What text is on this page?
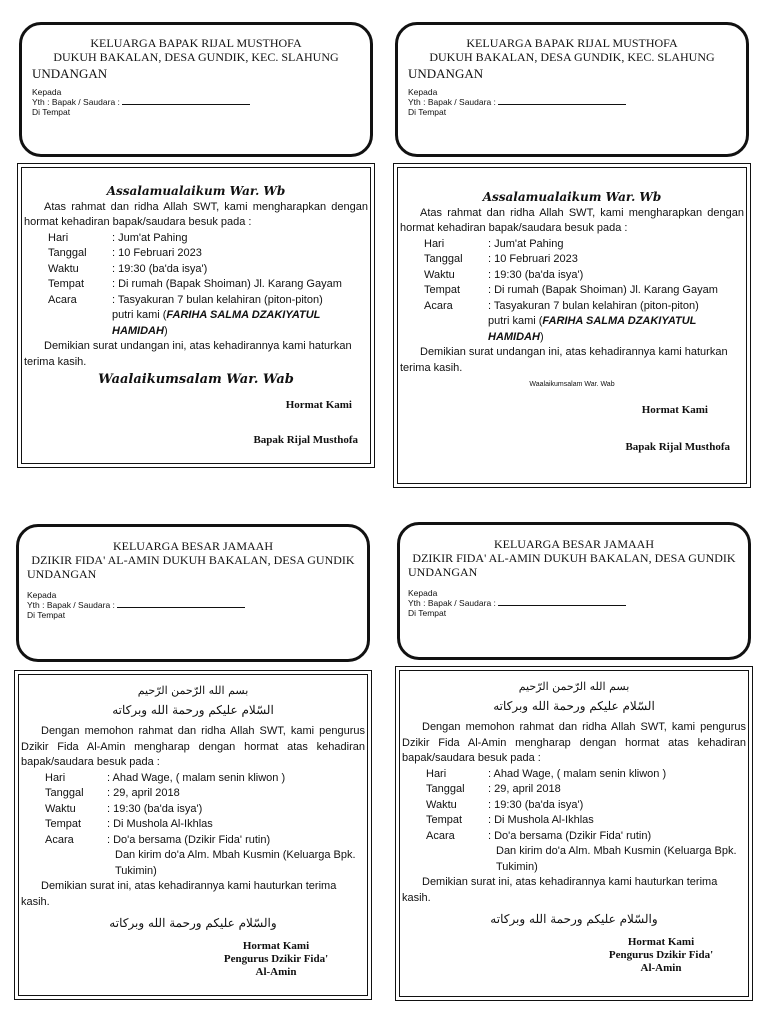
KELUARGA BAPAK RIJAL MUSTHOFA
DUKUH BAKALAN, DESA GUNDIK, KEC. SLAHUNG
UNDANGAN
Kepada
Yth : Bapak / Saudara :
Di Tempat
Assalamualaikum War. Wb

Atas rahmat dan ridha Allah SWT, kami mengharapkan dengan hormat kehadiran bapak/saudara besuk pada :

Hari	: Jum'at Pahing
Tanggal	: 10 Februari 2023
Waktu	: 19:30 (ba'da isya')
Tempat	: Di rumah (Bapak Shoiman) Jl. Karang Gayam
Acara	: Tasyakuran 7 bulan kelahiran (piton-piton)
putri kami (FARIHA SALMA DZAKIYATUL HAMIDAH)

Demikian surat undangan ini, atas kehadirannya kami haturkan terima kasih.

Waalaikumsalam War. Wab
Hormat Kami
Bapak Rijal Musthofa
KELUARGA BAPAK RIJAL MUSTHOFA
DUKUH BAKALAN, DESA GUNDIK, KEC. SLAHUNG
UNDANGAN
Kepada
Yth : Bapak / Saudara :
Di Tempat
Assalamualaikum War. Wb

Atas rahmat dan ridha Allah SWT, kami mengharapkan dengan hormat kehadiran bapak/saudara besuk pada :

Hari	: Jum'at Pahing
Tanggal	: 10 Februari 2023
Waktu	: 19:30 (ba'da isya')
Tempat	: Di rumah (Bapak Shoiman) Jl. Karang Gayam
Acara	: Tasyakuran 7 bulan kelahiran (piton-piton)
putri kami (FARIHA SALMA DZAKIYATUL HAMIDAH)

Demikian surat undangan ini, atas kehadirannya kami haturkan terima kasih.

Waalaikumsalam War. Wab
Hormat Kami
Bapak Rijal Musthofa
KELUARGA BESAR JAMAAH
DZIKIR FIDA' AL-AMIN DUKUH BAKALAN, DESA GUNDIK
UNDANGAN
Kepada
Yth : Bapak / Saudara :
Di Tempat
بسم الله الرّحمن الرّحيم
السّلام عليكم ورحمة الله وبركاته

Dengan memohon rahmat dan ridha Allah SWT, kami pengurus Dzikir Fida Al-Amin mengharap dengan hormat atas kehadiran bapak/saudara besuk pada :

Hari	: Ahad Wage, ( malam senin kliwon )
Tanggal	: 29, april 2018
Waktu	: 19:30 (ba'da isya')
Tempat	: Di Mushola Al-Ikhlas
Acara	: Do'a bersama (Dzikir Fida' rutin)
Dan kirim do'a Alm. Mbah Kusmin (Keluarga Bpk. Tukimin)

Demikian surat ini, atas kehadirannya kami hauturkan terima kasih.

والسّلام عليكم ورحمة الله وبركاته
Hormat Kami
Pengurus Dzikir Fida'
Al-Amin
KELUARGA BESAR JAMAAH
DZIKIR FIDA' AL-AMIN DUKUH BAKALAN, DESA GUNDIK
UNDANGAN
Kepada
Yth : Bapak / Saudara :
Di Tempat
بسم الله الرّحمن الرّحيم
السّلام عليكم ورحمة الله وبركاته

Dengan memohon rahmat dan ridha Allah SWT, kami pengurus Dzikir Fida Al-Amin mengharap dengan hormat atas kehadiran bapak/saudara besuk pada :

Hari	: Ahad Wage, ( malam senin kliwon )
Tanggal	: 29, april 2018
Waktu	: 19:30 (ba'da isya')
Tempat	: Di Mushola Al-Ikhlas
Acara	: Do'a bersama (Dzikir Fida' rutin)
Dan kirim do'a Alm. Mbah Kusmin (Keluarga Bpk. Tukimin)

Demikian surat ini, atas kehadirannya kami hauturkan terima kasih.

والسّلام عليكم ورحمة الله وبركاته
Hormat Kami
Pengurus Dzikir Fida'
Al-Amin
